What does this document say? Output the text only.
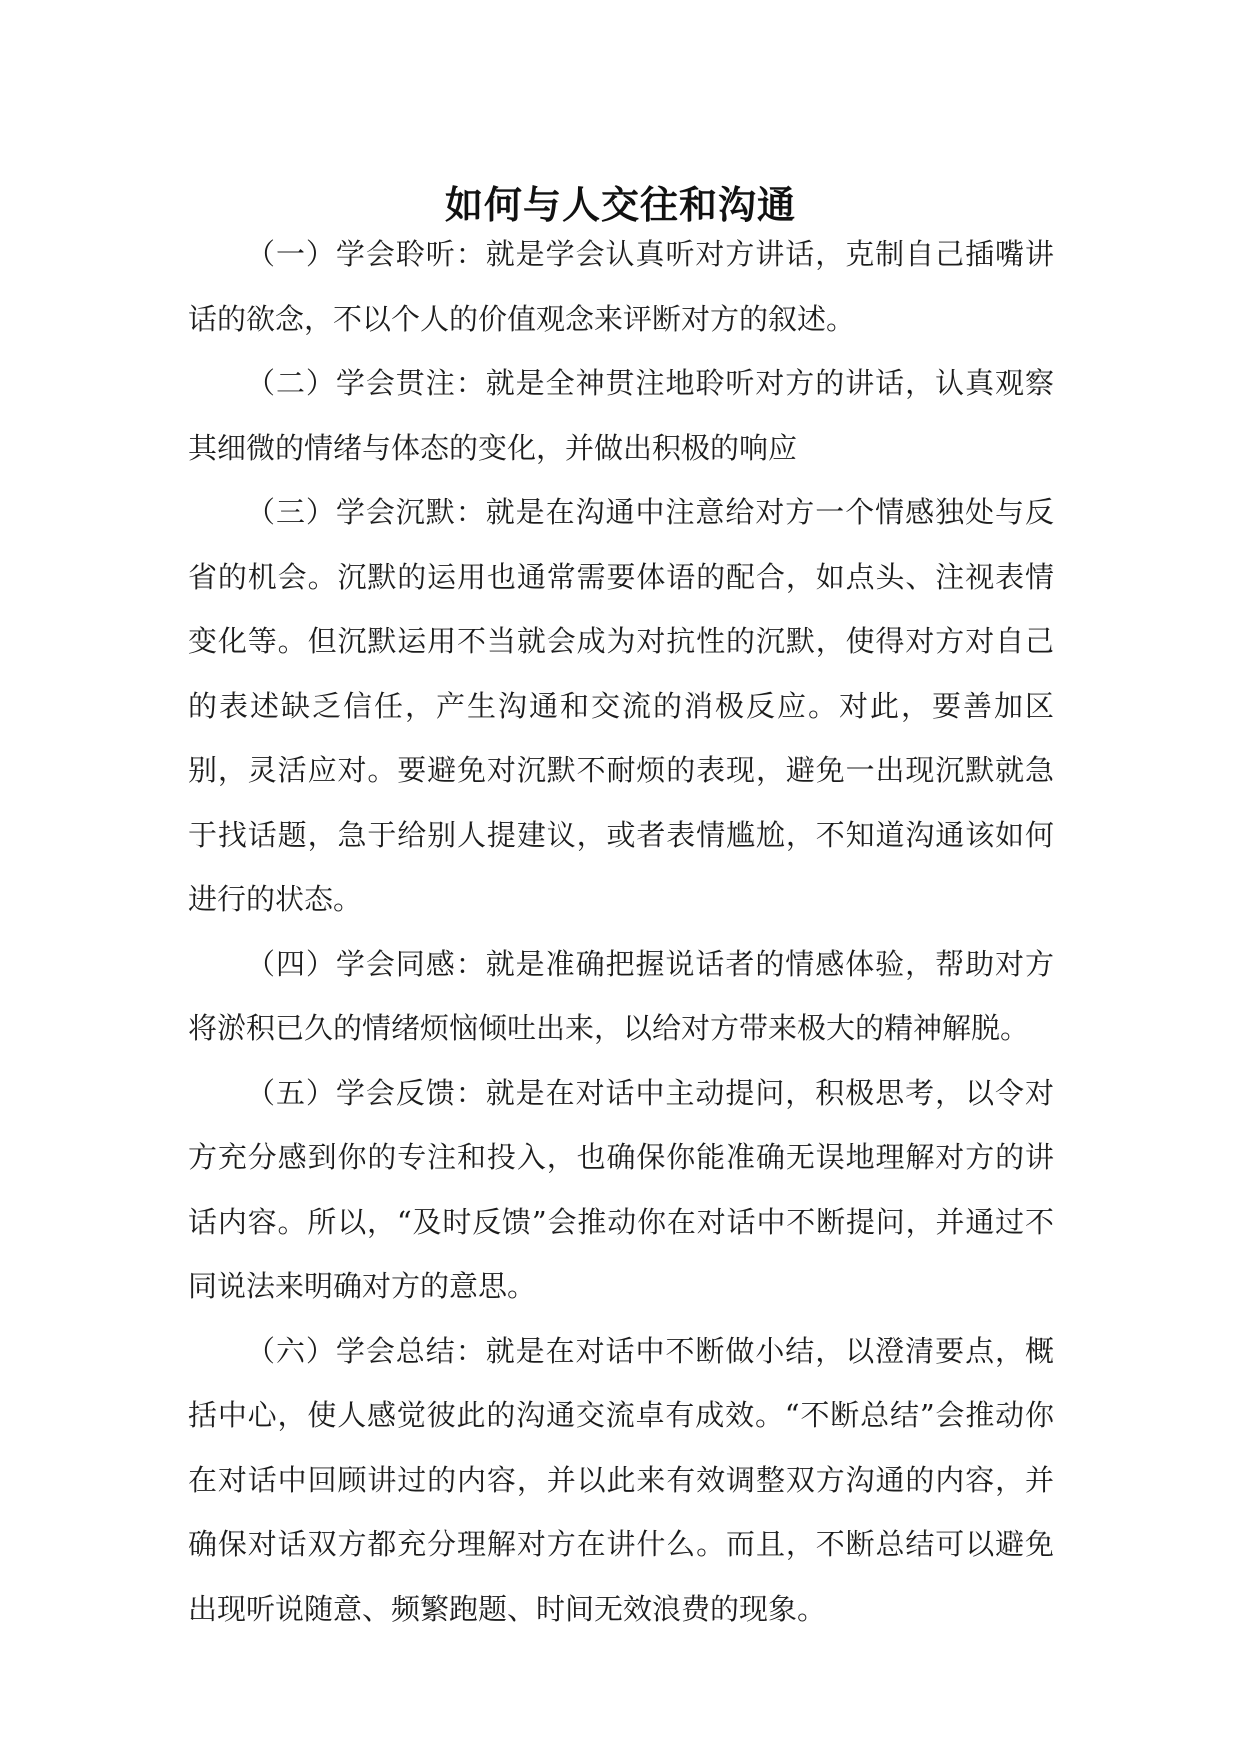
如何与人交往和沟通

（一）学会聆听：就是学会认真听对方讲话，克制自己插嘴讲话的欲念，不以个人的价值观念来评断对方的叙述。

（二）学会贯注：就是全神贯注地聆听对方的讲话，认真观察其细微的情绪与体态的变化，并做出积极的响应

（三）学会沉默：就是在沟通中注意给对方一个情感独处与反省的机会。沉默的运用也通常需要体语的配合，如点头、注视表情变化等。但沉默运用不当就会成为对抗性的沉默，使得对方对自己的表述缺乏信任，产生沟通和交流的消极反应。对此，要善加区别，灵活应对。要避免对沉默不耐烦的表现，避免一出现沉默就急于找话题，急于给别人提建议，或者表情尴尬，不知道沟通该如何进行的状态。

（四）学会同感：就是准确把握说话者的情感体验，帮助对方将淤积已久的情绪烦恼倾吐出来，以给对方带来极大的精神解脱。

（五）学会反馈：就是在对话中主动提问，积极思考，以令对方充分感到你的专注和投入，也确保你能准确无误地理解对方的讲话内容。所以，“及时反馈”会推动你在对话中不断提问，并通过不同说法来明确对方的意思。

（六）学会总结：就是在对话中不断做小结，以澄清要点，概括中心，使人感觉彼此的沟通交流卓有成效。“不断总结”会推动你在对话中回顾讲过的内容，并以此来有效调整双方沟通的内容，并确保对话双方都充分理解对方在讲什么。而且，不断总结可以避免出现听说随意、频繁跑题、时间无效浪费的现象。
